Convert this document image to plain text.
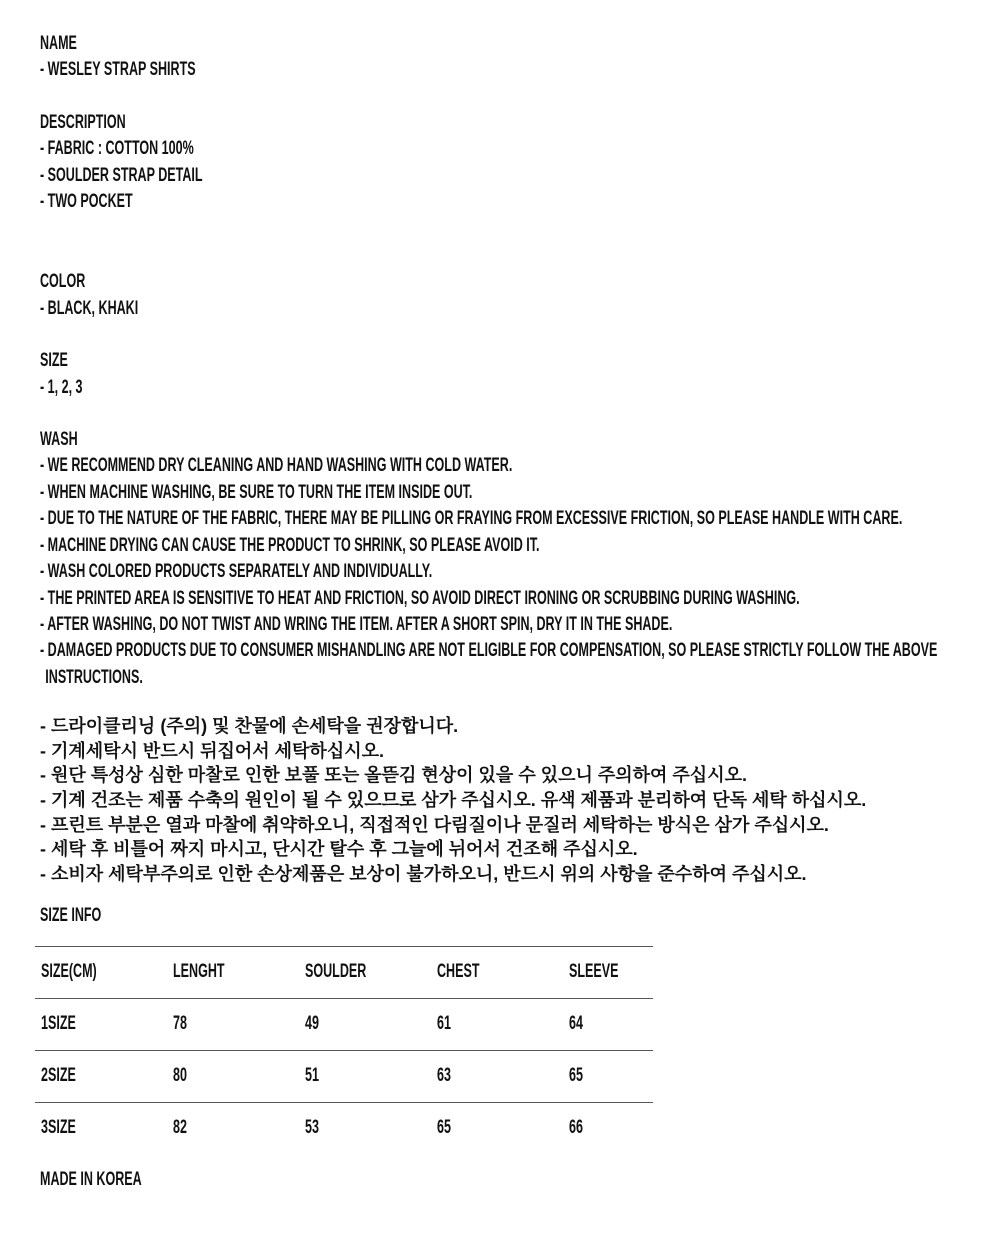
NAME
- WESLEY STRAP SHIRTS
DESCRIPTION
- FABRIC : COTTON 100%
- SOULDER STRAP DETAIL
- TWO POCKET
COLOR
- BLACK, KHAKI
SIZE
- 1, 2, 3
WASH
- WE RECOMMEND DRY CLEANING AND HAND WASHING WITH COLD WATER.
- WHEN MACHINE WASHING, BE SURE TO TURN THE ITEM INSIDE OUT.
- DUE TO THE NATURE OF THE FABRIC, THERE MAY BE PILLING OR FRAYING FROM EXCESSIVE FRICTION, SO PLEASE HANDLE WITH CARE.
- MACHINE DRYING CAN CAUSE THE PRODUCT TO SHRINK, SO PLEASE AVOID IT.
- WASH COLORED PRODUCTS SEPARATELY AND INDIVIDUALLY.
- THE PRINTED AREA IS SENSITIVE TO HEAT AND FRICTION, SO AVOID DIRECT IRONING OR SCRUBBING DURING WASHING.
- AFTER WASHING, DO NOT TWIST AND WRING THE ITEM. AFTER A SHORT SPIN, DRY IT IN THE SHADE.
- DAMAGED PRODUCTS DUE TO CONSUMER MISHANDLING ARE NOT ELIGIBLE FOR COMPENSATION, SO PLEASE STRICTLY FOLLOW THE ABOVE INSTRUCTIONS.
- 드라이클리닝 (주의) 및 찬물에 손세탁을 권장합니다.
- 기계세탁시 반드시 뒤집어서 세탁하십시오.
- 원단 특성상 심한 마찰로 인한 보풀 또는 올뜯김 현상이 있을 수 있으니 주의하여 주십시오.
- 기계 건조는 제품 수축의 원인이 될 수 있으므로 삼가 주십시오. 유색 제품과 분리하여 단독 세탁 하십시오.
- 프린트 부분은 열과 마찰에 취약하오니, 직접적인 다림질이나 문질러 세탁하는 방식은 삼가 주십시오.
- 세탁 후 비틀어 짜지 마시고, 단시간 탈수 후 그늘에 뉘어서 건조해 주십시오.
- 소비자 세탁부주의로 인한 손상제품은 보상이 불가하오니, 반드시 위의 사항을 준수하여 주십시오.
SIZE INFO
SIZE(CM)	LENGHT	SOULDER	CHEST	SLEEVE
1SIZE	78	49	61	64
2SIZE	80	51	63	65
3SIZE	82	53	65	66
MADE IN KOREA
